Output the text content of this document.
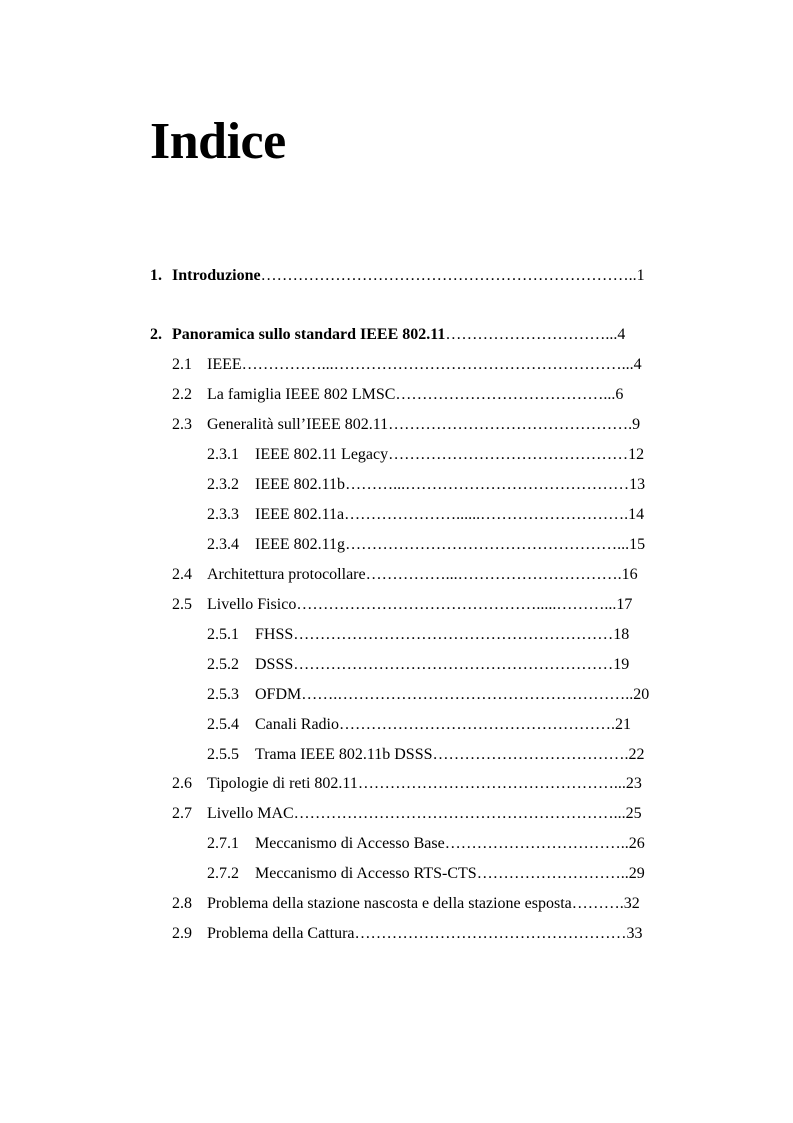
Indice
1. Introduzione……………………………………………………………..1
2. Panoramica sullo standard IEEE 802.11…………………………...4
2.1 IEEE……………...………………………………………………...4
2.2 La famiglia IEEE 802 LMSC…………………………………...6
2.3 Generalità sull’IEEE 802.11……………………………………….9
2.3.1 IEEE 802.11 Legacy………………………………………12
2.3.2 IEEE 802.11b………...……………………………………13
2.3.3 IEEE 802.11a…………………......……………………….14
2.3.4 IEEE 802.11g……………………………………………...15
2.4 Architettura protocollare……………...………………………….16
2.5 Livello Fisico……………………………………….....………...17
2.5.1 FHSS……………………………………………………18
2.5.2 DSSS……………………………………………………19
2.5.3 OFDM…….………………………………………………..20
2.5.4 Canali Radio…………………………………………….21
2.5.5 Trama IEEE 802.11b DSSS……………………………….22
2.6 Tipologie di reti 802.11…………………………………………...23
2.7 Livello MAC……………………………………………………...25
2.7.1 Meccanismo di Accesso Base……………………………..26
2.7.2 Meccanismo di Accesso RTS-CTS………………………..29
2.8 Problema della stazione nascosta e della stazione esposta……….32
2.9 Problema della Cattura……………………………………………33
